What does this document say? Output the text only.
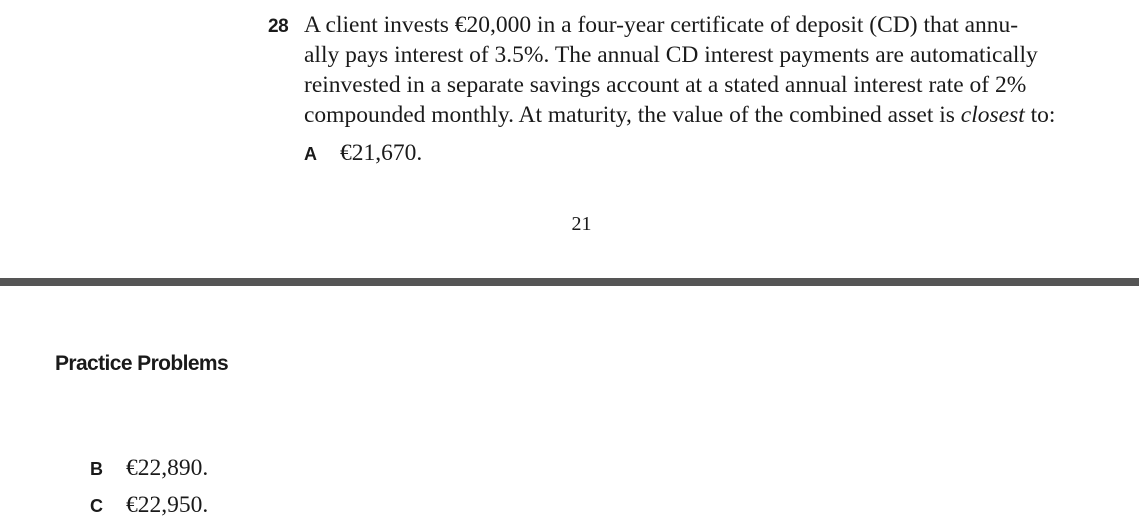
28 A client invests €20,000 in a four-year certificate of deposit (CD) that annu-
ally pays interest of 3.5%. The annual CD interest payments are automatically
reinvested in a separate savings account at a stated annual interest rate of 2%
compounded monthly. At maturity, the value of the combined asset is closest to:
A €21,670.
21
Practice Problems
B €22,890.
C €22,950.
